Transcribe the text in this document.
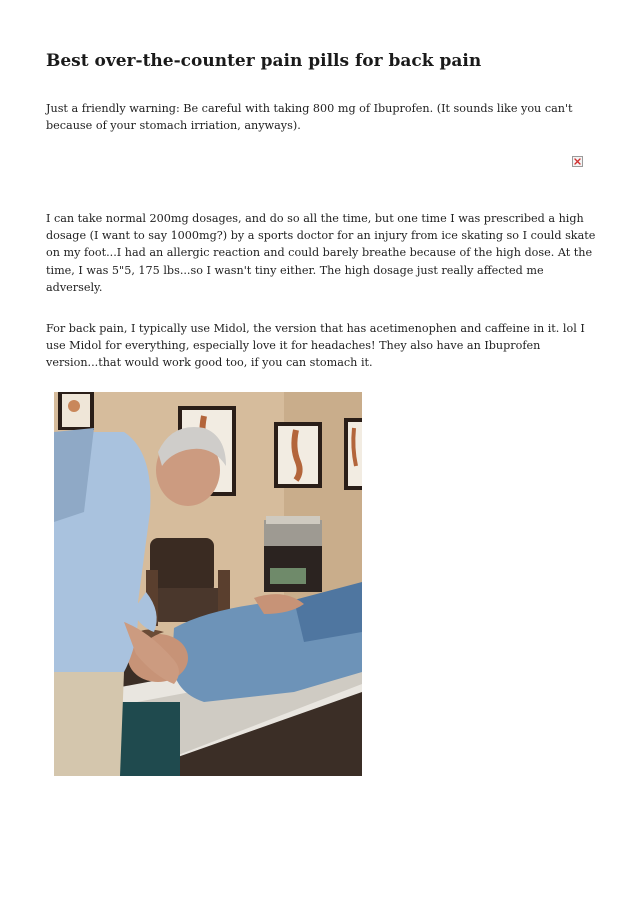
Best over-the-counter pain pills for back pain

Just a friendly warning: Be careful with taking 800 mg of Ibuprofen. (It sounds like you can't because of your stomach irriation, anyways).

I can take normal 200mg dosages, and do so all the time, but one time I was prescribed a high dosage (I want to say 1000mg?) by a sports doctor for an injury from ice skating so I could skate on my foot...I had an allergic reaction and could barely breathe because of the high dose. At the time, I was 5"5, 175 lbs...so I wasn't tiny either. The high dosage just really affected me adversely.

For back pain, I typically use Midol, the version that has acetimenophen and caffeine in it. lol I use Midol for everything, especially love it for headaches! They also have an Ibuprofen version...that would work good too, if you can stomach it.
